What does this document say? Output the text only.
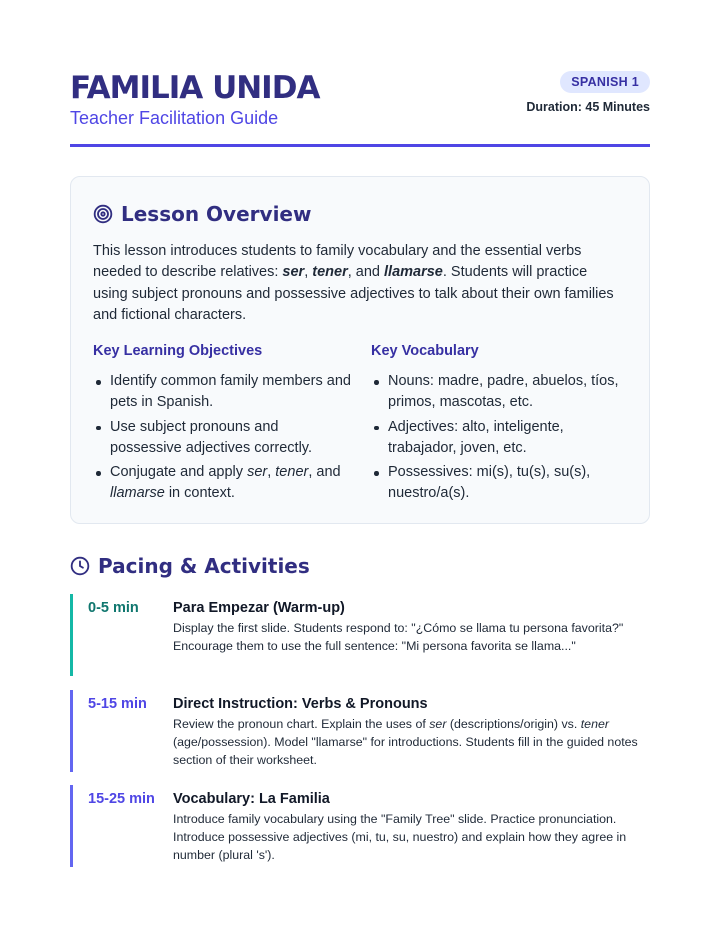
FAMILIA UNIDA
Teacher Facilitation Guide
SPANISH 1
Duration: 45 Minutes
Lesson Overview

This lesson introduces students to family vocabulary and the essential verbs needed to describe relatives: ser, tener, and llamarse. Students will practice using subject pronouns and possessive adjectives to talk about their own families and fictional characters.

Key Learning Objectives
Identify common family members and pets in Spanish.
Use subject pronouns and possessive adjectives correctly.
Conjugate and apply ser, tener, and llamarse in context.
Key Vocabulary
Nouns: madre, padre, abuelos, tíos, primos, mascotas, etc.
Adjectives: alto, inteligente, trabajador, joven, etc.
Possessives: mi(s), tu(s), su(s), nuestro/a(s).
Pacing & Activities
0-5 min Para Empezar (Warm-up)
Display the first slide. Students respond to: "¿Cómo se llama tu persona favorita?" Encourage them to use the full sentence: "Mi persona favorita se llama..."
5-15 min Direct Instruction: Verbs & Pronouns
Review the pronoun chart. Explain the uses of ser (descriptions/origin) vs. tener (age/possession). Model "llamarse" for introductions. Students fill in the guided notes section of their worksheet.
15-25 min Vocabulary: La Familia
Introduce family vocabulary using the "Family Tree" slide. Practice pronunciation. Introduce possessive adjectives (mi, tu, su, nuestro) and explain how they agree in number (plural 's').
